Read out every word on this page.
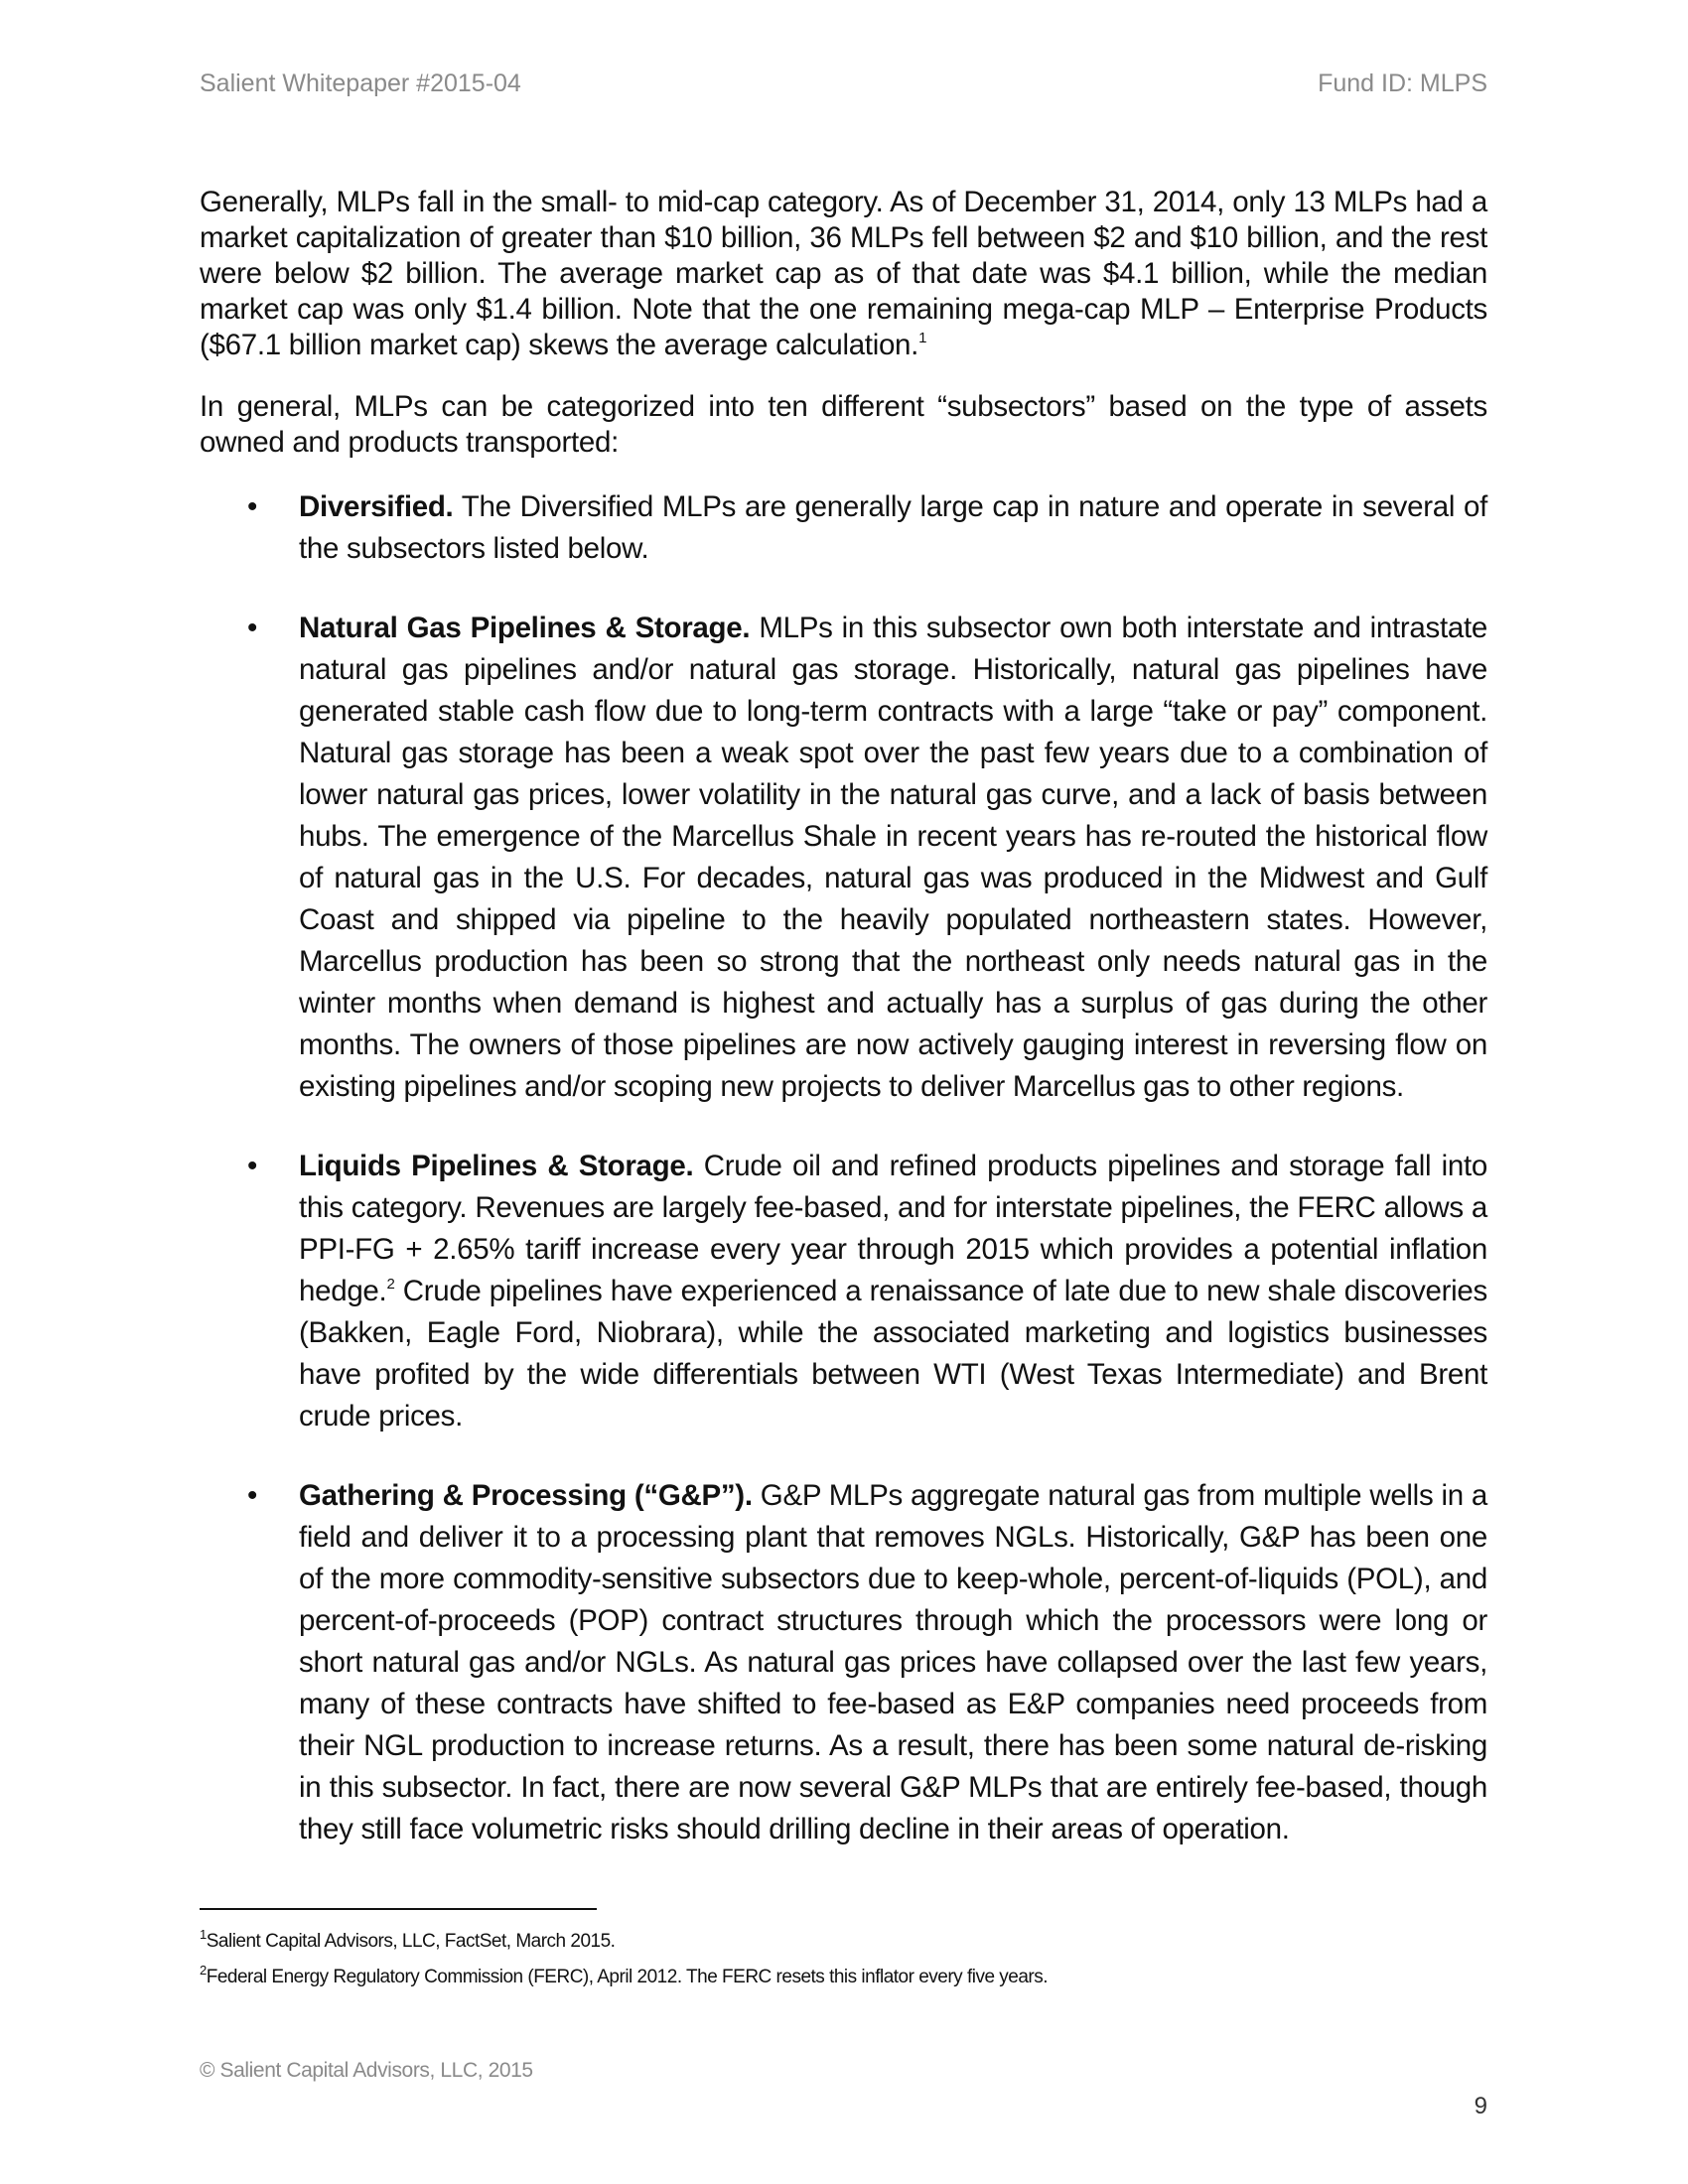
Salient Whitepaper #2015-04	Fund ID: MLPS

Generally, MLPs fall in the small- to mid-cap category. As of December 31, 2014, only 13 MLPs had a market capitalization of greater than $10 billion, 36 MLPs fell between $2 and $10 billion, and the rest were below $2 billion. The average market cap as of that date was $4.1 billion, while the median market cap was only $1.4 billion. Note that the one remaining mega-cap MLP – Enterprise Products ($67.1 billion market cap) skews the average calculation.$^1$

In general, MLPs can be categorized into ten different “subsectors” based on the type of assets owned and products transported:

• Diversified. The Diversified MLPs are generally large cap in nature and operate in several of the subsectors listed below.
• Natural Gas Pipelines & Storage. MLPs in this subsector own both interstate and intrastate natural gas pipelines and/or natural gas storage. Historically, natural gas pipelines have generated stable cash flow due to long-term contracts with a large “take or pay” component. Natural gas storage has been a weak spot over the past few years due to a combination of lower natural gas prices, lower volatility in the natural gas curve, and a lack of basis between hubs. The emergence of the Marcellus Shale in recent years has re-routed the historical flow of natural gas in the U.S. For decades, natural gas was produced in the Midwest and Gulf Coast and shipped via pipeline to the heavily populated northeastern states. However, Marcellus production has been so strong that the northeast only needs natural gas in the winter months when demand is highest and actually has a surplus of gas during the other months. The owners of those pipelines are now actively gauging interest in reversing flow on existing pipelines and/or scoping new projects to deliver Marcellus gas to other regions.
• Liquids Pipelines & Storage. Crude oil and refined products pipelines and storage fall into this category. Revenues are largely fee-based, and for interstate pipelines, the FERC allows a PPI-FG + 2.65% tariff increase every year through 2015 which provides a potential inflation hedge.$^2$ Crude pipelines have experienced a renaissance of late due to new shale discoveries (Bakken, Eagle Ford, Niobrara), while the associated marketing and logistics businesses have profited by the wide differentials between WTI (West Texas Intermediate) and Brent crude prices.
• Gathering & Processing (“G&P”). G&P MLPs aggregate natural gas from multiple wells in a field and deliver it to a processing plant that removes NGLs. Historically, G&P has been one of the more commodity-sensitive subsectors due to keep-whole, percent-of-liquids (POL), and percent-of-proceeds (POP) contract structures through which the processors were long or short natural gas and/or NGLs. As natural gas prices have collapsed over the last few years, many of these contracts have shifted to fee-based as E&P companies need proceeds from their NGL production to increase returns. As a result, there has been some natural de-risking in this subsector. In fact, there are now several G&P MLPs that are entirely fee-based, though they still face volumetric risks should drilling decline in their areas of operation.
$^1$Salient Capital Advisors, LLC, FactSet, March 2015.
$^2$Federal Energy Regulatory Commission (FERC), April 2012. The FERC resets this inflator every five years.
© Salient Capital Advisors, LLC, 2015
9
